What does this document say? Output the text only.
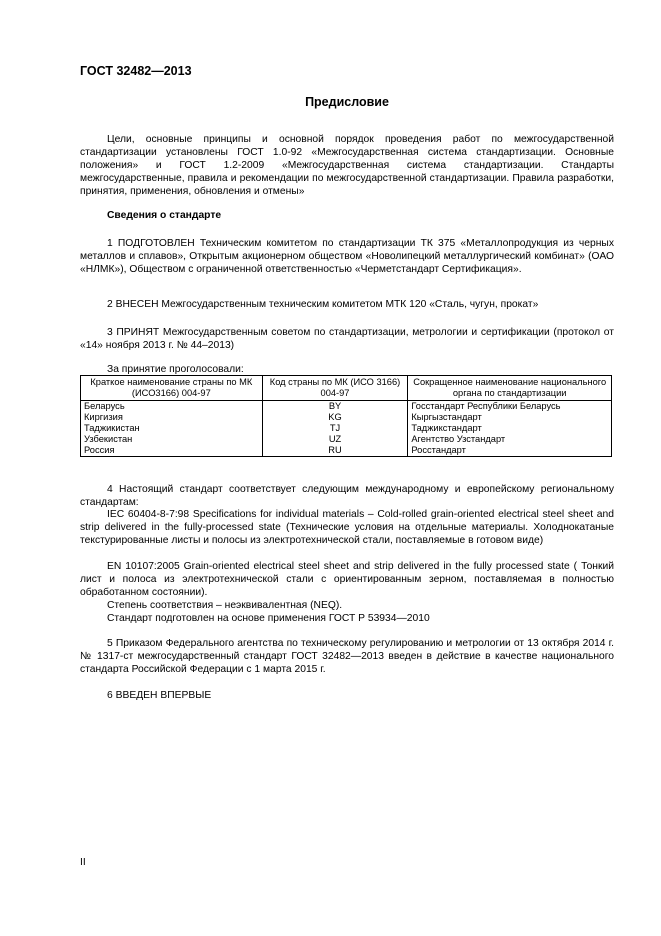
ГОСТ 32482—2013
Предисловие

Цели, основные принципы и основной порядок проведения работ по межгосударственной стандартизации установлены ГОСТ 1.0-92 «Межгосударственная система стандартизации. Основные положения» и ГОСТ 1.2-2009 «Межгосударственная система стандартизации. Стандарты межгосударственные, правила и рекомендации по межгосударственной стандартизации. Правила разработки, принятия, применения, обновления и отмены»

Сведения о стандарте

1 ПОДГОТОВЛЕН Техническим комитетом по стандартизации ТК 375 «Металлопродукция из черных металлов и сплавов», Открытым акционерном обществом «Новолипецкий металлургический комбинат» (ОАО «НЛМК»), Обществом с ограниченной ответственностью «Черметстандарт Сертификация».

2 ВНЕСЕН Межгосударственным техническим комитетом МТК 120 «Сталь, чугун, прокат»

3 ПРИНЯТ Межгосударственным советом по стандартизации, метрологии и сертификации (протокол от «14» ноября 2013 г. № 44–2013)

За принятие проголосовали:
Краткое наименование страны по МК (ИСО3166) 004-97	Код страны по МК (ИСО 3166) 004-97	Сокращенное наименование национального органа по стандартизации
Беларусь	BY	Госстандарт Республики Беларусь
Киргизия	KG	Кыргызстандарт
Таджикистан	TJ	Таджикстандарт
Узбекистан	UZ	Агентство Узстандарт
Россия	RU	Росстандарт

4 Настоящий стандарт соответствует следующим международному и европейскому региональному стандартам:

IEC 60404-8-7:98 Specifications for individual materials – Cold-rolled grain-oriented electrical steel sheet and strip delivered in the fully-processed state (Технические условия на отдельные материалы. Холоднокатаные текстурированные листы и полосы из электротехнической стали, поставляемые в готовом виде)

EN 10107:2005 Grain-oriented electrical steel sheet and strip delivered in the fully processed state ( Тонкий лист и полоса из электротехнической стали с ориентированным зерном, поставляемая в полностью обработанном состоянии).

Степень соответствия – неэквивалентная (NEQ).
Стандарт подготовлен на основе применения ГОСТ Р 53934—2010

5 Приказом Федерального агентства по техническому регулированию и метрологии от 13 октября 2014 г. № 1317-ст межгосударственный стандарт ГОСТ 32482—2013 введен в действие в качестве национального стандарта Российской Федерации с 1 марта 2015 г.

6 ВВЕДЕН ВПЕРВЫЕ
II
